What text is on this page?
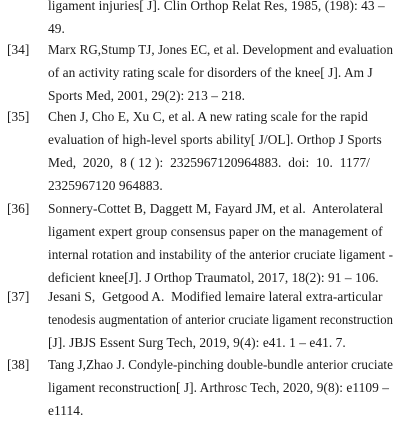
ligament injuries[ J]. Clin Orthop Relat Res, 1985, (198): 43 –
49.
[34] Marx RG,Stump TJ, Jones EC, et al. Development and evaluation
of an activity rating scale for disorders of the knee[ J]. Am J
Sports Med, 2001, 29(2): 213 – 218.
[35] Chen J, Cho E, Xu C, et al. A new rating scale for the rapid
evaluation of high-level sports ability[ J/OL]. Orthop J Sports
Med,  2020,  8 ( 12 ):  2325967120964883.  doi:  10.  1177/
2325967120 964883.
[36] Sonnery-Cottet B, Daggett M, Fayard JM, et al.  Anterolateral
ligament expert group consensus paper on the management of
internal rotation and instability of the anterior cruciate ligament -
deficient knee[J]. J Orthop Traumatol, 2017, 18(2): 91 – 106.
[37] Jesani S,  Getgood A.  Modified lemaire lateral extra-articular
tenodesis augmentation of anterior cruciate ligament reconstruction
[J]. JBJS Essent Surg Tech, 2019, 9(4): e41. 1 – e41. 7.
[38] Tang J,Zhao J. Condyle-pinching double-bundle anterior cruciate
ligament reconstruction[ J]. Arthrosc Tech, 2020, 9(8): e1109 –
e1114.
